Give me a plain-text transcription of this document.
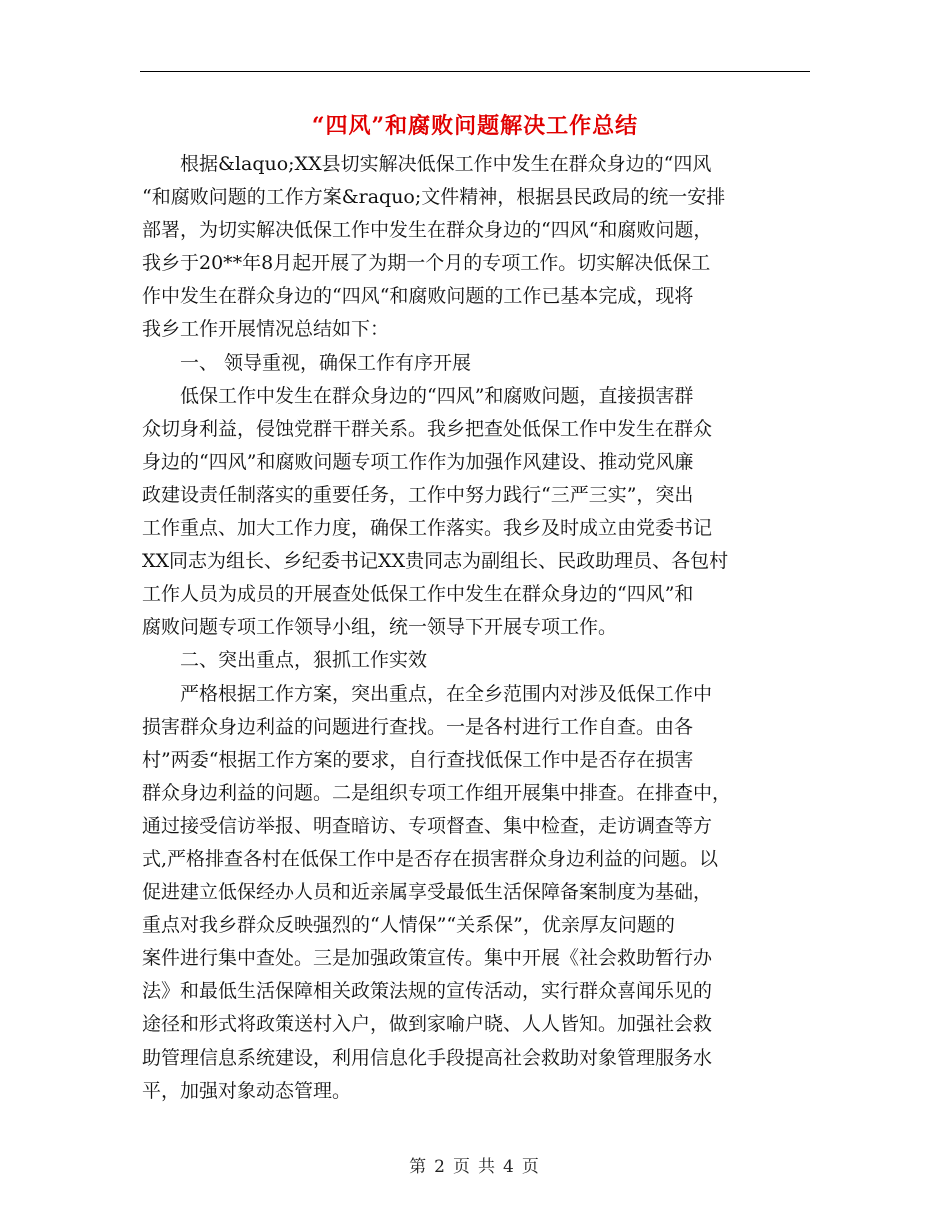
“四风”和腐败问题解决工作总结
根据&laquo;XX县切实解决低保工作中发生在群众身边的“四风
“和腐败问题的工作方案&raquo;文件精神，根据县民政局的统一安排
部署，为切实解决低保工作中发生在群众身边的“四风“和腐败问题，
我乡于20**年8月起开展了为期一个月的专项工作。切实解决低保工
作中发生在群众身边的“四风“和腐败问题的工作已基本完成，现将
我乡工作开展情况总结如下：
一、 领导重视，确保工作有序开展
低保工作中发生在群众身边的“四风”和腐败问题，直接损害群
众切身利益，侵蚀党群干群关系。我乡把查处低保工作中发生在群众
身边的“四风”和腐败问题专项工作作为加强作风建设、推动党风廉
政建设责任制落实的重要任务，工作中努力践行“三严三实”，突出
工作重点、加大工作力度，确保工作落实。我乡及时成立由党委书记
XX同志为组长、乡纪委书记XX贵同志为副组长、民政助理员、各包村
工作人员为成员的开展查处低保工作中发生在群众身边的“四风”和
腐败问题专项工作领导小组，统一领导下开展专项工作。
二、突出重点，狠抓工作实效
严格根据工作方案，突出重点，在全乡范围内对涉及低保工作中
损害群众身边利益的问题进行查找。一是各村进行工作自查。由各
村”两委“根据工作方案的要求，自行查找低保工作中是否存在损害
群众身边利益的问题。二是组织专项工作组开展集中排查。在排查中，
通过接受信访举报、明查暗访、专项督查、集中检查，走访调查等方
式,严格排查各村在低保工作中是否存在损害群众身边利益的问题。以
促进建立低保经办人员和近亲属享受最低生活保障备案制度为基础，
重点对我乡群众反映强烈的“人情保”“关系保”，优亲厚友问题的
案件进行集中查处。三是加强政策宣传。集中开展《社会救助暂行办
法》和最低生活保障相关政策法规的宣传活动，实行群众喜闻乐见的
途径和形式将政策送村入户，做到家喻户晓、人人皆知。加强社会救
助管理信息系统建设，利用信息化手段提高社会救助对象管理服务水
平，加强对象动态管理。
第 2 页 共 4 页
